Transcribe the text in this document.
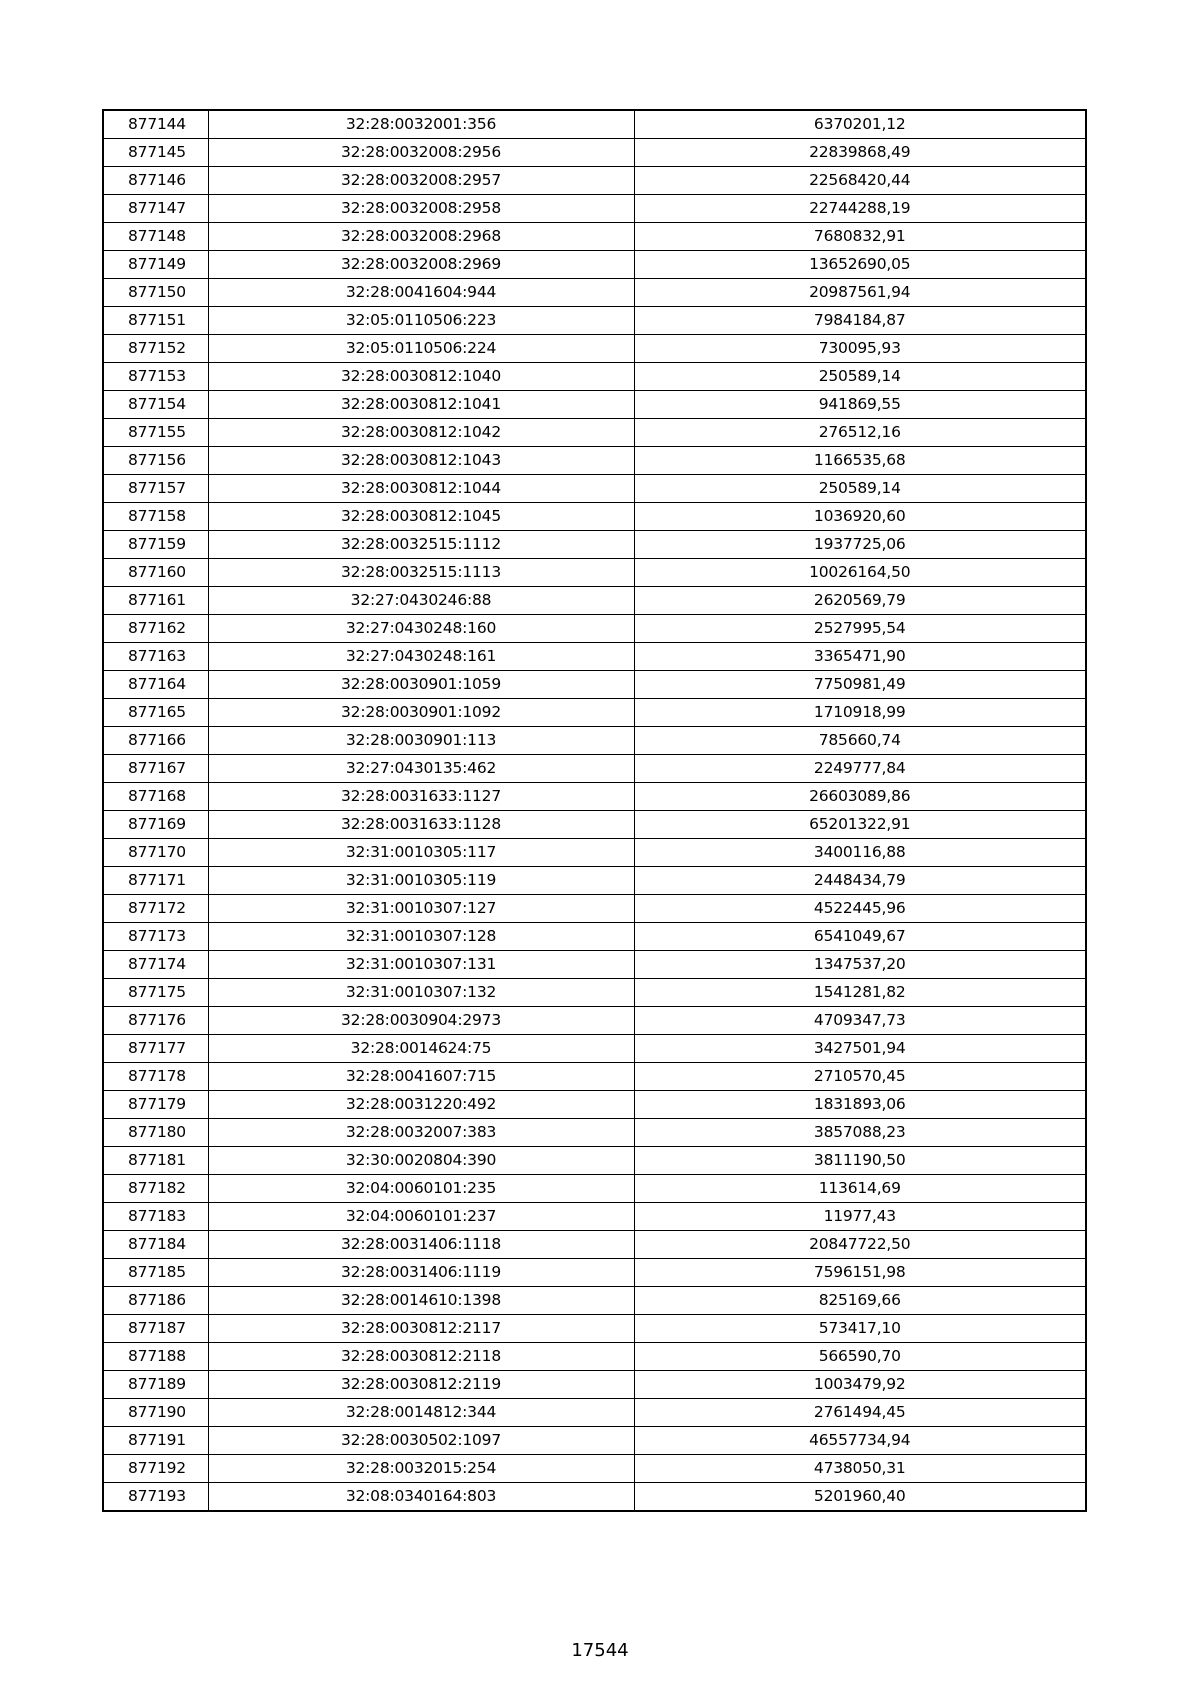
877144	32:28:0032001:356	6370201,12
877145	32:28:0032008:2956	22839868,49
877146	32:28:0032008:2957	22568420,44
877147	32:28:0032008:2958	22744288,19
877148	32:28:0032008:2968	7680832,91
877149	32:28:0032008:2969	13652690,05
877150	32:28:0041604:944	20987561,94
877151	32:05:0110506:223	7984184,87
877152	32:05:0110506:224	730095,93
877153	32:28:0030812:1040	250589,14
877154	32:28:0030812:1041	941869,55
877155	32:28:0030812:1042	276512,16
877156	32:28:0030812:1043	1166535,68
877157	32:28:0030812:1044	250589,14
877158	32:28:0030812:1045	1036920,60
877159	32:28:0032515:1112	1937725,06
877160	32:28:0032515:1113	10026164,50
877161	32:27:0430246:88	2620569,79
877162	32:27:0430248:160	2527995,54
877163	32:27:0430248:161	3365471,90
877164	32:28:0030901:1059	7750981,49
877165	32:28:0030901:1092	1710918,99
877166	32:28:0030901:113	785660,74
877167	32:27:0430135:462	2249777,84
877168	32:28:0031633:1127	26603089,86
877169	32:28:0031633:1128	65201322,91
877170	32:31:0010305:117	3400116,88
877171	32:31:0010305:119	2448434,79
877172	32:31:0010307:127	4522445,96
877173	32:31:0010307:128	6541049,67
877174	32:31:0010307:131	1347537,20
877175	32:31:0010307:132	1541281,82
877176	32:28:0030904:2973	4709347,73
877177	32:28:0014624:75	3427501,94
877178	32:28:0041607:715	2710570,45
877179	32:28:0031220:492	1831893,06
877180	32:28:0032007:383	3857088,23
877181	32:30:0020804:390	3811190,50
877182	32:04:0060101:235	113614,69
877183	32:04:0060101:237	11977,43
877184	32:28:0031406:1118	20847722,50
877185	32:28:0031406:1119	7596151,98
877186	32:28:0014610:1398	825169,66
877187	32:28:0030812:2117	573417,10
877188	32:28:0030812:2118	566590,70
877189	32:28:0030812:2119	1003479,92
877190	32:28:0014812:344	2761494,45
877191	32:28:0030502:1097	46557734,94
877192	32:28:0032015:254	4738050,31
877193	32:08:0340164:803	5201960,40
17544
